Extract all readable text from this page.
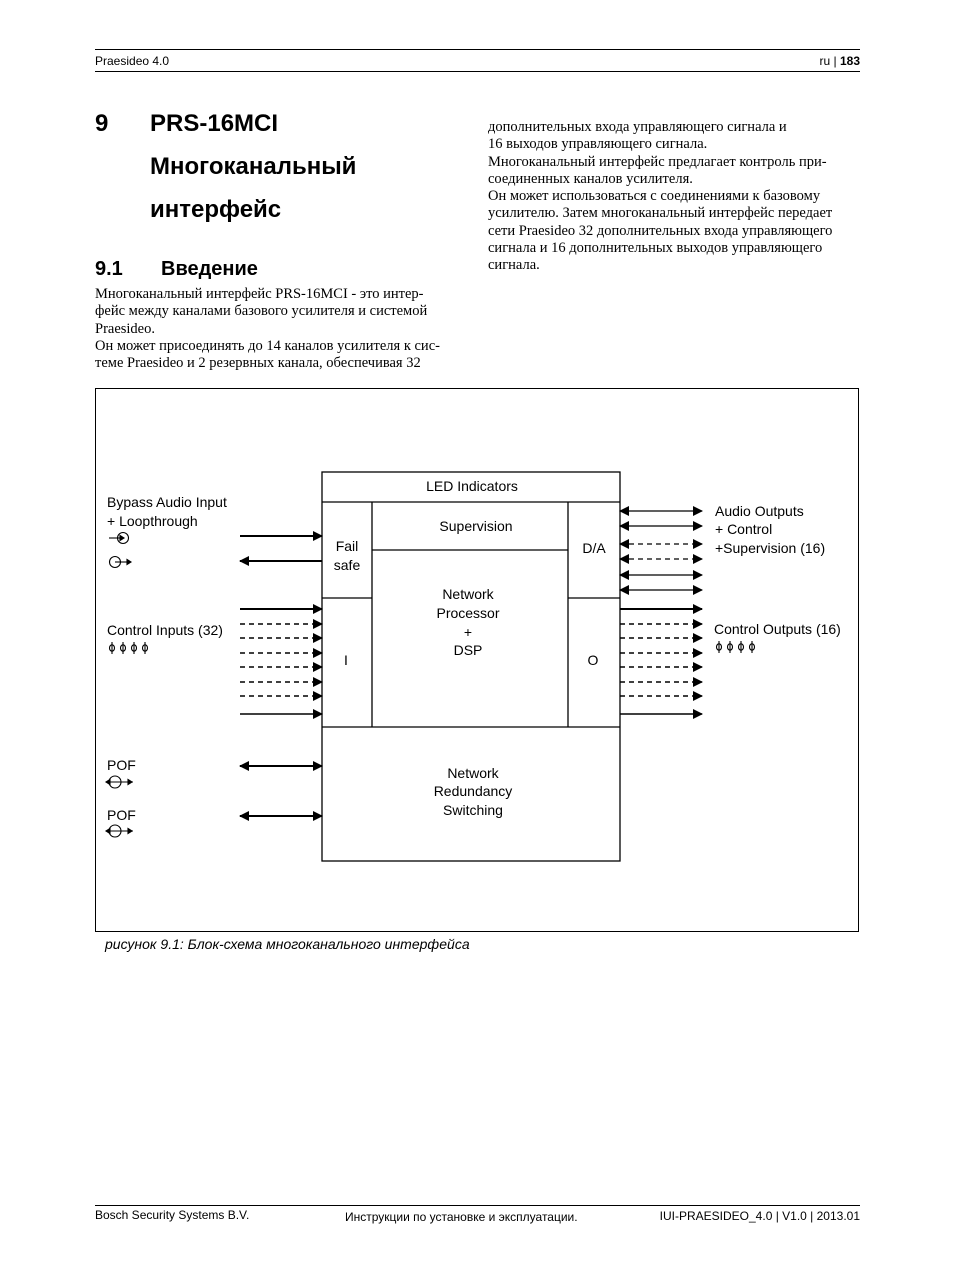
Praesideo 4.0	ru | 183
9 PRS-16MCI
Многоканальный
интерфейс
9.1 Введение
Многоканальный интерфейс PRS-16MCI - это интер-
фейс между каналами базового усилителя и системой
Praesideo.
Он может присоединять до 14 каналов усилителя к сис-
теме Praesideo и 2 резервных канала, обеспечивая 32
дополнительных входа управляющего сигнала и
16 выходов управляющего сигнала.
Многоканальный интерфейс предлагает контроль при-
соединенных каналов усилителя.
Он может использоваться с соединениями к базовому
усилителю. Затем многоканальный интерфейс передает
сети Praesideo 32 дополнительных входа управляющего
сигнала и 16 дополнительных выходов управляющего
сигнала.
LED Indicators
Fail
safe
Supervision
D/A
Network
Processor
+
DSP
I	O
Network
Redundancy
Switching
Bypass Audio Input
+ Loopthrough
Control Inputs (32)
POF
POF
Audio Outputs
+ Control
+Supervision (16)
Control Outputs (16)
рисунок 9.1: Блок-схема многоканального интерфейса
Bosch Security Systems B.V.	Инструкции по установке и эксплуатации.	IUI-PRAESIDEO_4.0 | V1.0 | 2013.01
